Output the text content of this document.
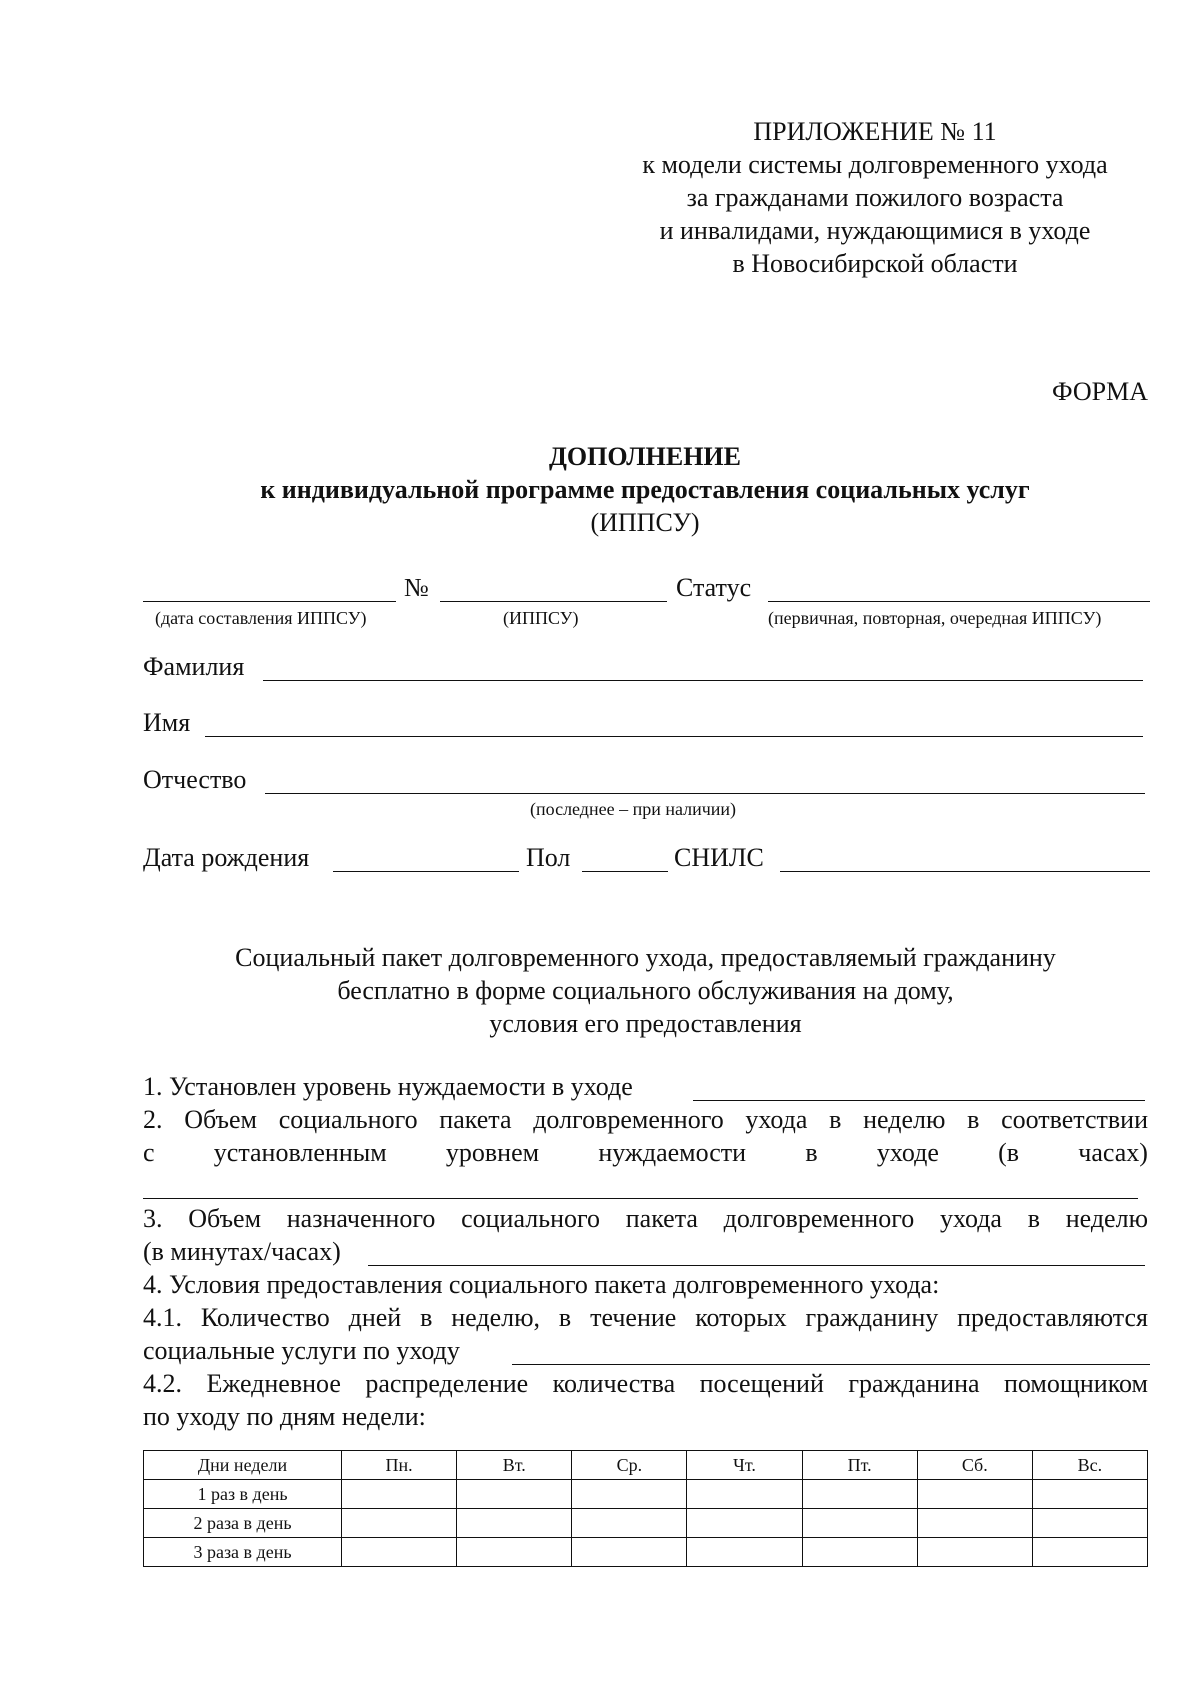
ПРИЛОЖЕНИЕ № 11
к модели системы долговременного ухода
за гражданами пожилого возраста
и инвалидами, нуждающимися в уходе
в Новосибирской области
ФОРМА
ДОПОЛНЕНИЕ
к индивидуальной программе предоставления социальных услуг
(ИППСУ)
№	Статус
(дата составления ИППСУ)	(ИППСУ)	(первичная, повторная, очередная ИППСУ)
Фамилия
Имя
Отчество
(последнее – при наличии)
Дата рождения	Пол	СНИЛС
Социальный пакет долговременного ухода, предоставляемый гражданину
бесплатно в форме социального обслуживания на дому,
условия его предоставления
1. Установлен уровень нуждаемости в уходе
2. Объем социального пакета долговременного ухода в неделю в соответствии
с установленным уровнем нуждаемости в уходе (в часах)
3. Объем назначенного социального пакета долговременного ухода в неделю
(в минутах/часах)
4. Условия предоставления социального пакета долговременного ухода:
4.1. Количество дней в неделю, в течение которых гражданину предоставляются
социальные услуги по уходу
4.2. Ежедневное распределение количества посещений гражданина помощником
по уходу по дням недели:
Дни недели	Пн.	Вт.	Ср.	Чт.	Пт.	Сб.	Вс.
1 раз в день							
2 раза в день							
3 раза в день							
